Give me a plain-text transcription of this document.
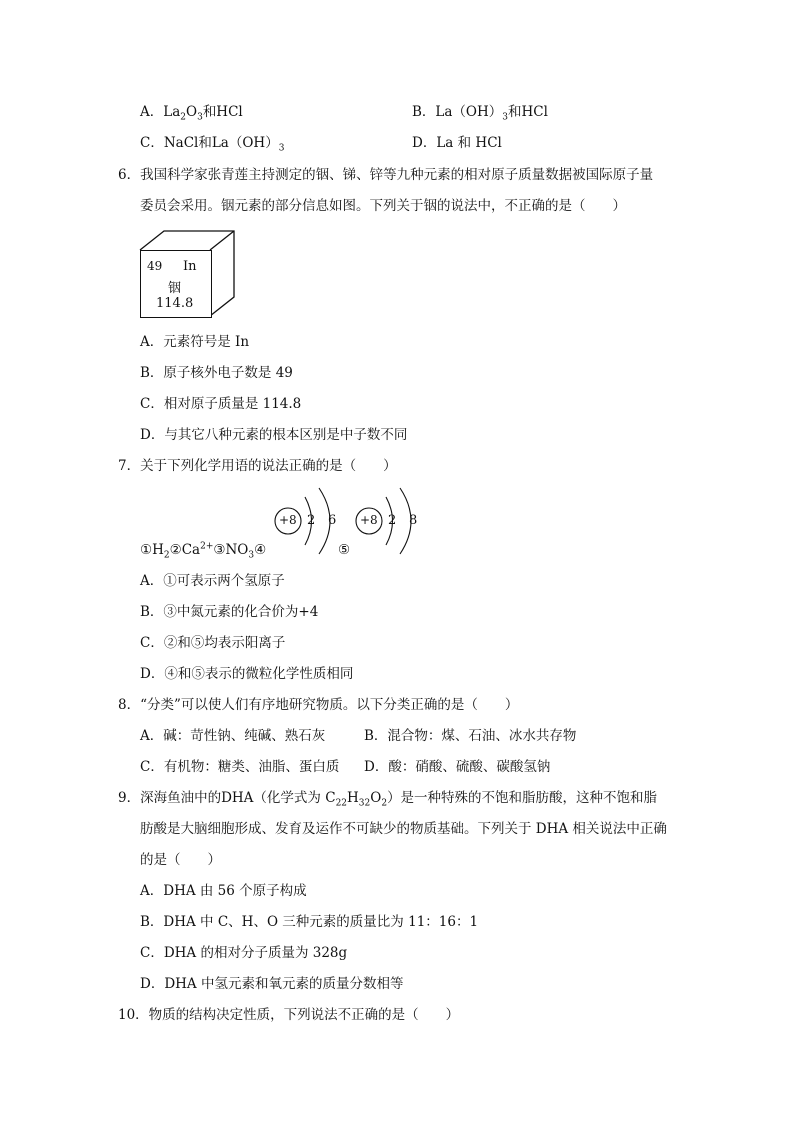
A．$La_2O_3$和HCl	B．$La(OH)_3$和HCl
C．NaCl和$La(OH)_3$	D．La 和 HCl
6．我国科学家张青莲主持测定的铟、锑、锌等九种元素的相对原子质量数据被国际原子量
委员会采用。铟元素的部分信息如图。下列关于铟的说法中，不正确的是（　　）
49 In
铟
114.8
A．元素符号是 In
B．原子核外电子数是 49
C．相对原子质量是 114.8
D．与其它八种元素的根本区别是中子数不同
7．关于下列化学用语的说法正确的是（　　）
+8 2 6 +8 2 8
$①H_2②Ca^{2+}③NO_3④$	⑤
A．①可表示两个氢原子
B．③中氮元素的化合价为+4
C．②和⑤均表示阳离子
D．④和⑤表示的微粒化学性质相同
8．“分类”可以使人们有序地研究物质。以下分类正确的是（　　）
A．碱：苛性钠、纯碱、熟石灰	B．混合物：煤、石油、冰水共存物
C．有机物：糖类、油脂、蛋白质 D．酸：硝酸、硫酸、碳酸氢钠
9．深海鱼油中的DHA（化学式为 $C_{22}H_{32}O_2$）是一种特殊的不饱和脂肪酸，这种不饱和脂
肪酸是大脑细胞形成、发育及运作不可缺少的物质基础。下列关于 DHA 相关说法中正确
的是（　　）
A．DHA 由 56 个原子构成
B．DHA 中 C、H、O 三种元素的质量比为 11：16：1
C．DHA 的相对分子质量为 328g
D．DHA 中氢元素和氧元素的质量分数相等
10．物质的结构决定性质，下列说法不正确的是（　　）
